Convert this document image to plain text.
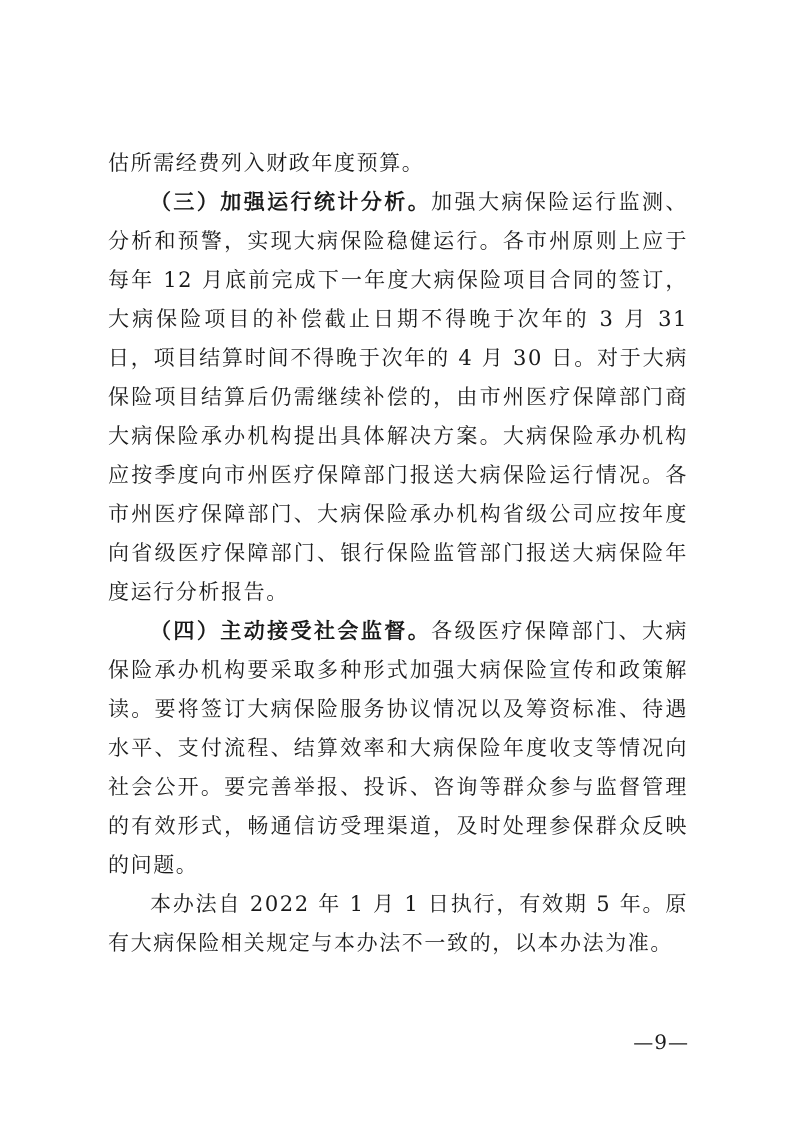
估所需经费列入财政年度预算。

（三）加强运行统计分析。加强大病保险运行监测、分析和预警，实现大病保险稳健运行。各市州原则上应于每年 12 月底前完成下一年度大病保险项目合同的签订，大病保险项目的补偿截止日期不得晚于次年的 3 月 31 日，项目结算时间不得晚于次年的 4 月 30 日。对于大病保险项目结算后仍需继续补偿的，由市州医疗保障部门商大病保险承办机构提出具体解决方案。大病保险承办机构应按季度向市州医疗保障部门报送大病保险运行情况。各市州医疗保障部门、大病保险承办机构省级公司应按年度向省级医疗保障部门、银行保险监管部门报送大病保险年度运行分析报告。

（四）主动接受社会监督。各级医疗保障部门、大病保险承办机构要采取多种形式加强大病保险宣传和政策解读。要将签订大病保险服务协议情况以及筹资标准、待遇水平、支付流程、结算效率和大病保险年度收支等情况向社会公开。要完善举报、投诉、咨询等群众参与监督管理的有效形式，畅通信访受理渠道，及时处理参保群众反映的问题。

本办法自 2022 年 1 月 1 日执行，有效期 5 年。原有大病保险相关规定与本办法不一致的，以本办法为准。

—9—
